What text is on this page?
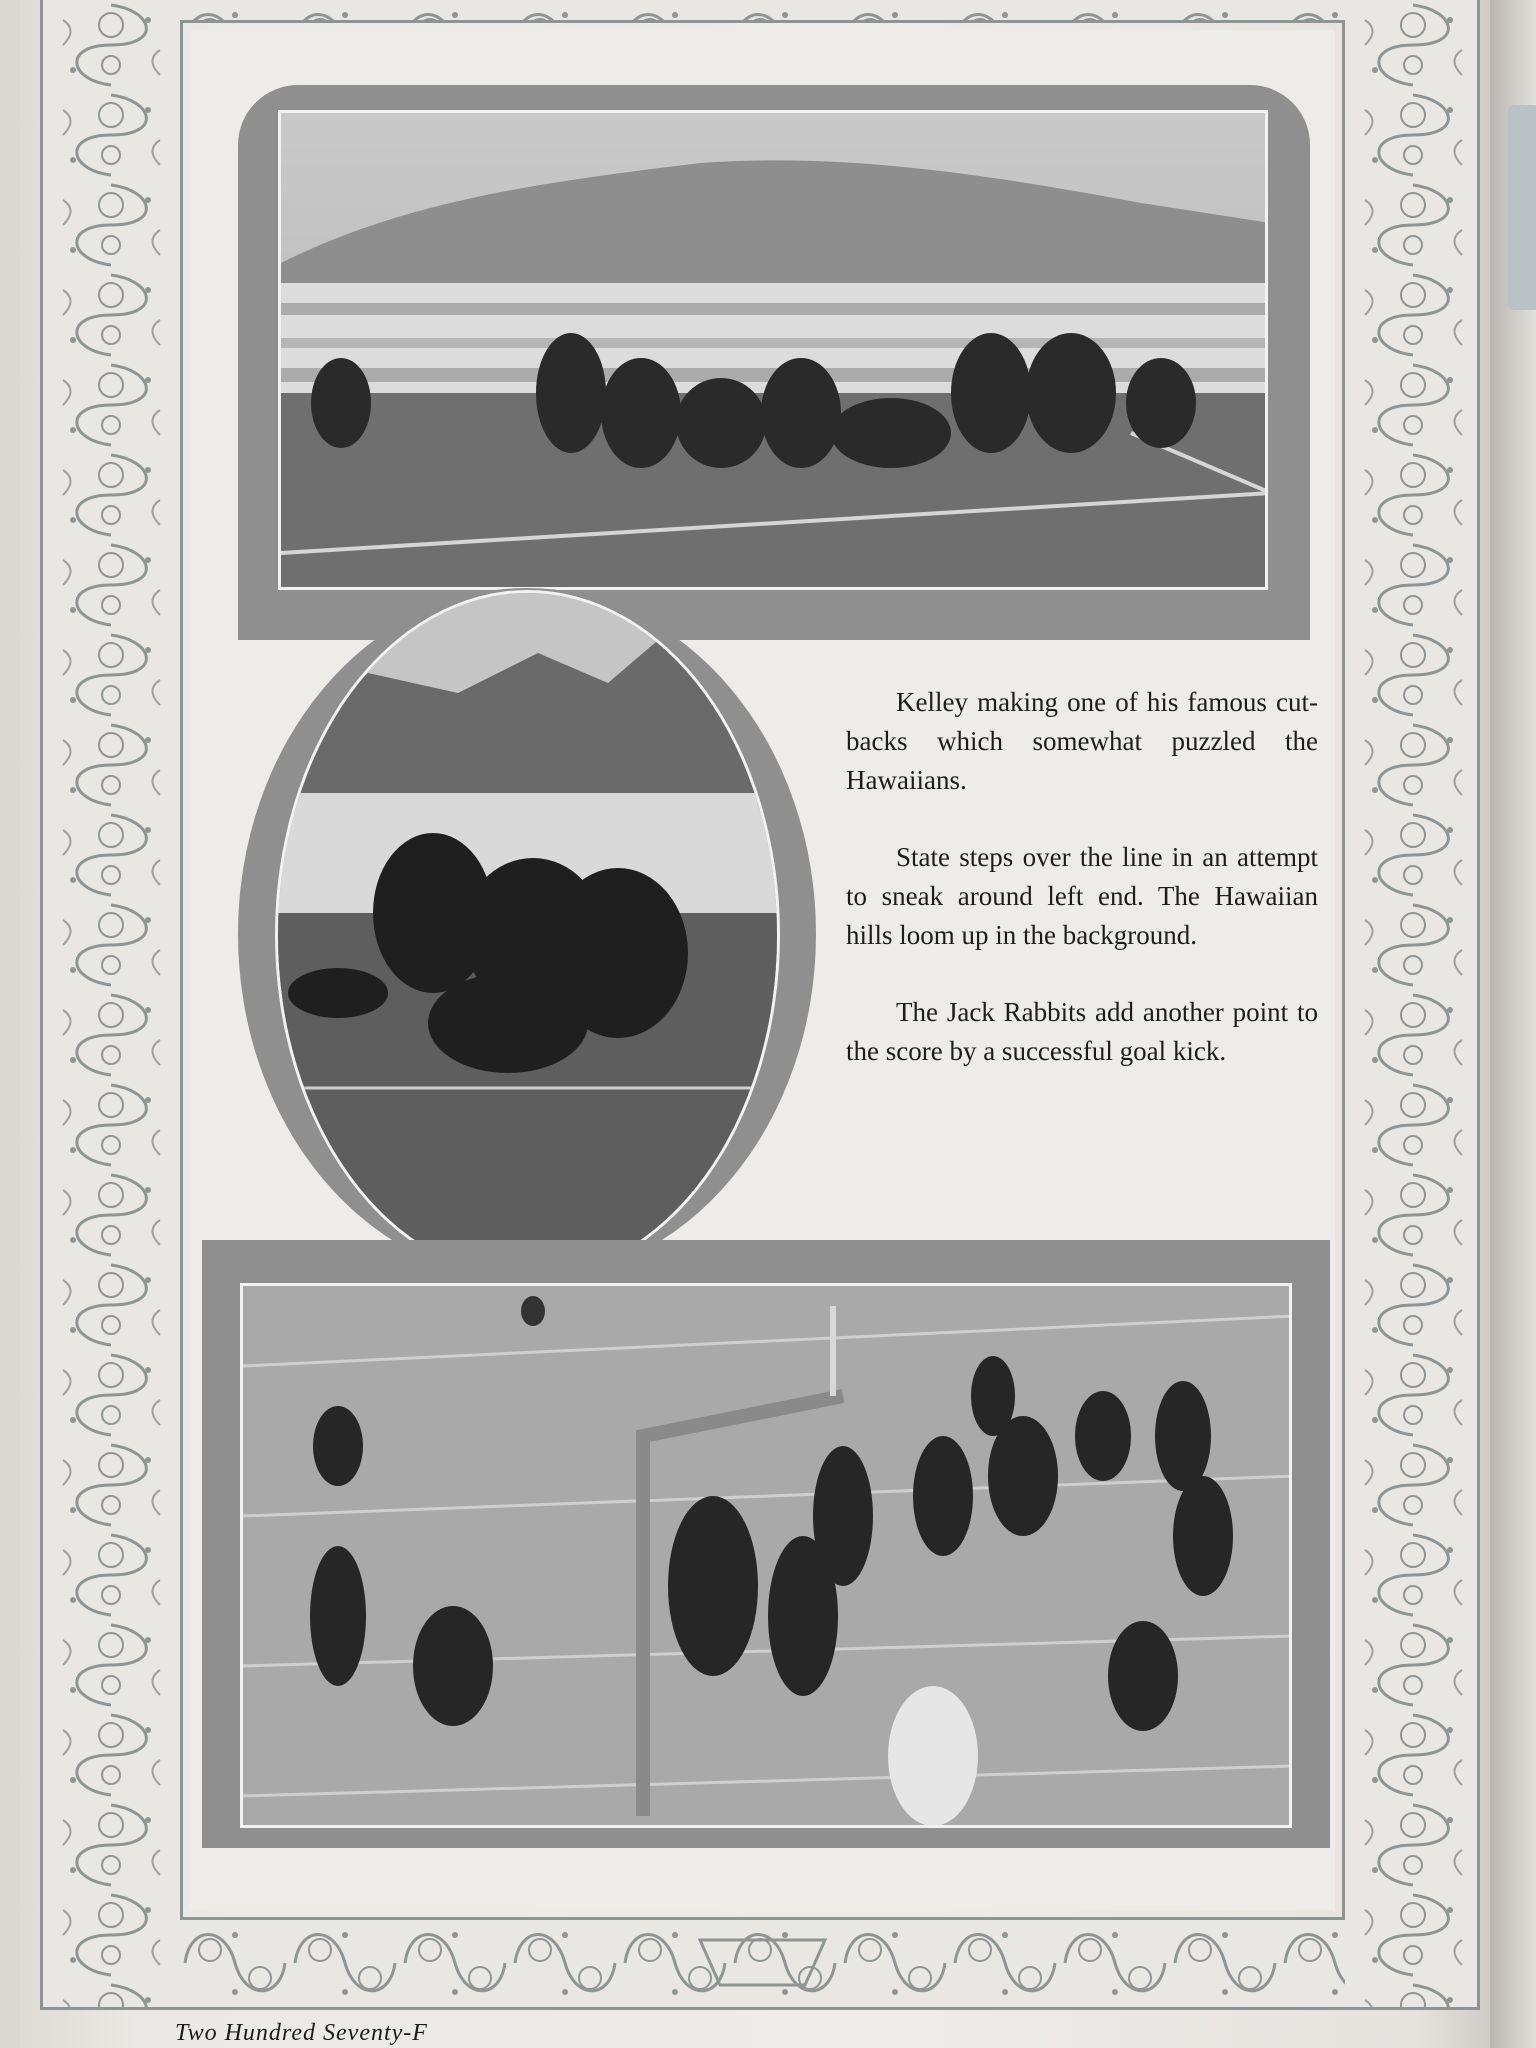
Kelley making one of his famous cut-backs which somewhat puzzled the Hawaiians.

State steps over the line in an attempt to sneak around left end. The Hawaiian hills loom up in the background.

The Jack Rabbits add another point to the score by a successful goal kick.

Two Hundred Seventy-F
